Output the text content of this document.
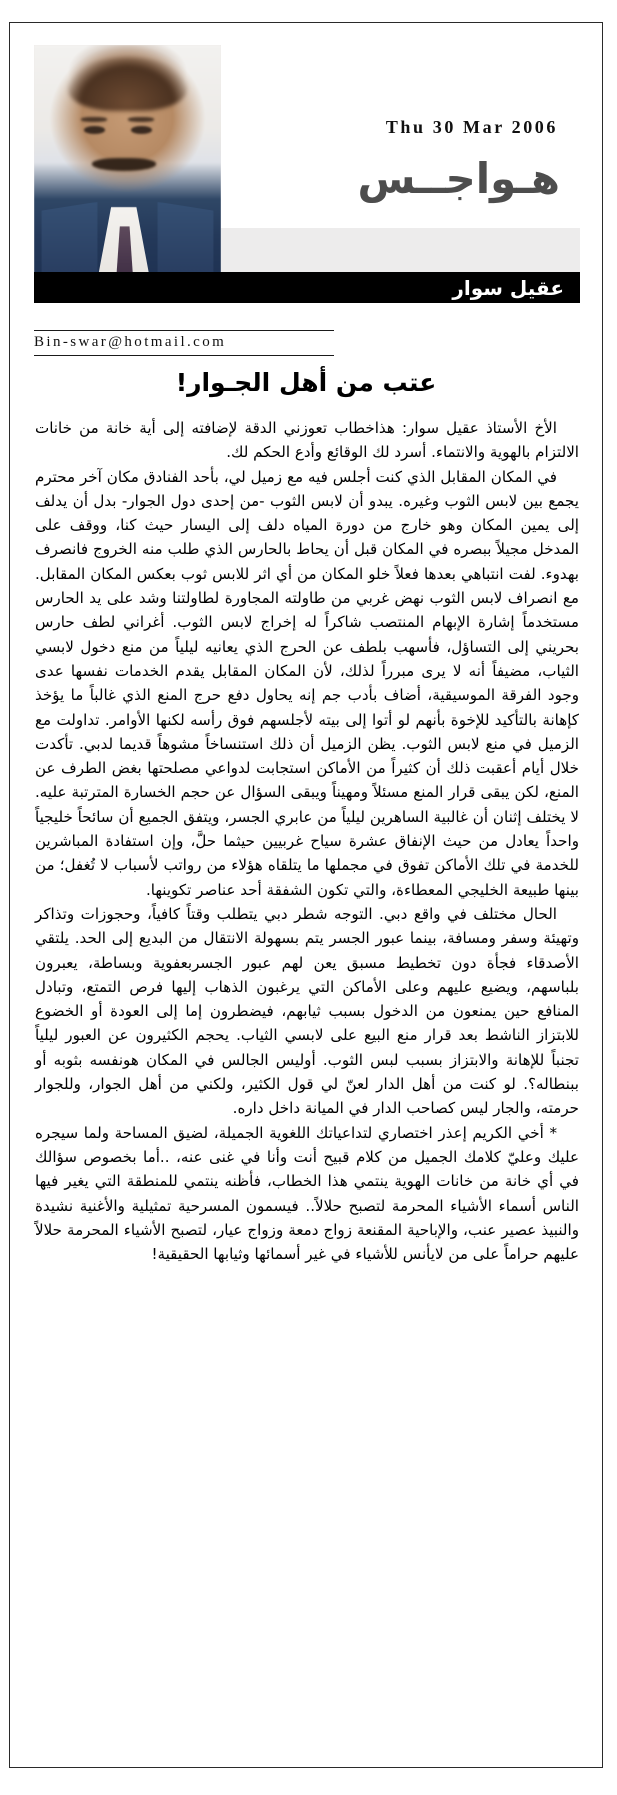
Thu 30 Mar 2006
هـواجــس
عقيل سوار
Bin-swar@hotmail.com
عتب من أهل الجـوار!

الأخ الأستاذ عقيل سوار: هذاخطاب تعوزني الدقة لإضافته إلى أية خانة من خانات الالتزام بالهوية والانتماء. أسرد لك الوقائع وأدع الحكم لك.

في المكان المقابل الذي كنت أجلس فيه مع زميل لي، بأحد الفنادق مكان آخر محترم يجمع بين لابس الثوب وغيره. يبدو أن لابس الثوب -من إحدى دول الجوار- بدل أن يدلف إلى يمين المكان وهو خارج من دورة المياه دلف إلى اليسار حيث كنا، ووقف على المدخل مجيلاً ببصره في المكان قبل أن يحاط بالحارس الذي طلب منه الخروج فانصرف بهدوء. لفت انتباهي بعدها فعلاً خلو المكان من أي اثر للابس ثوب بعكس المكان المقابل. مع انصراف لابس الثوب نهض غربي من طاولته المجاورة لطاولتنا وشد على يد الحارس مستخدماً إشارة الإبهام المنتصب شاكراً له إخراج لابس الثوب. أغراني لطف حارس بحريني إلى التساؤل، فأسهب بلطف عن الحرج الذي يعانيه ليلياً من منع دخول لابسي الثياب، مضيفاً أنه لا يرى مبرراً لذلك، لأن المكان المقابل يقدم الخدمات نفسها عدى وجود الفرقة الموسيقية، أضاف بأدب جم إنه يحاول دفع حرج المنع الذي غالباً ما يؤخذ كإهانة بالتأكيد للإخوة بأنهم لو أتوا إلى بيته لأجلسهم فوق رأسه لكنها الأوامر. تداولت مع الزميل في منع لابس الثوب. يظن الزميل أن ذلك استنساخاً مشوهاً قديما لدبي. تأكدت خلال أيام أعقبت ذلك أن كثيراً من الأماكن استجابت لدواعي مصلحتها بغض الطرف عن المنع، لكن يبقى قرار المنع مسئلاً ومهيناً ويبقى السؤال عن حجم الخسارة المترتبة عليه. لا يختلف إثنان أن غالبية الساهرين ليلياً من عابري الجسر، ويتفق الجميع أن سائحاً خليجياً واحداً يعادل من حيث الإنفاق عشرة سياح غربيين حيثما حلَّ، وإن استفادة المباشرين للخدمة في تلك الأماكن تفوق في مجملها ما يتلقاه هؤلاء من رواتب لأسباب لا تُغفل؛ من بينها طبيعة الخليجي المعطاءة، والتي تكون الشفقة أحد عناصر تكوينها.

الحال مختلف في واقع دبي. التوجه شطر دبي يتطلب وقتاً كافياً، وحجوزات وتذاكر وتهيئة وسفر ومسافة، بينما عبور الجسر يتم بسهولة الانتقال من البديع إلى الحد. يلتقي الأصدقاء فجأة دون تخطيط مسبق يعن لهم عبور الجسربعفوية وبساطة، يعبرون بلباسهم، ويضيع عليهم وعلى الأماكن التي يرغبون الذهاب إليها فرص التمتع، وتبادل المنافع حين يمنعون من الدخول بسبب ثيابهم، فيضطرون إما إلى العودة أو الخضوع للابتزاز الناشط بعد قرار منع البيع على لابسي الثياب. يحجم الكثيرون عن العبور ليلياً تجنباً للإهانة والابتزاز بسبب لبس الثوب. أوليس الجالس في المكان هونفسه بثوبه أو ببنطاله؟. لو كنت من أهل الدار لعنّ لي قول الكثير، ولكني من أهل الجوار، وللجوار حرمته، والجار ليس كصاحب الدار في الميانة داخل داره.

* أخي الكريم إعذر اختصاري لتداعياتك اللغوية الجميلة، لضيق المساحة ولما سيجره عليك وعليّ كلامك الجميل من كلام قبيح أنت وأنا في غنى عنه، ..أما بخصوص سؤالك في أي خانة من خانات الهوية ينتمي هذا الخطاب، فأظنه ينتمي للمنطقة التي يغير فيها الناس أسماء الأشياء المحرمة لتصبح حلالاً.. فيسمون المسرحية تمثيلية والأغنية نشيدة والنبيذ عصير عنب، والإباحية المقنعة زواج دمعة وزواج عيار، لتصبح الأشياء المحرمة حلالاً عليهم حراماً على من لايأنس للأشياء في غير أسمائها وثيابها الحقيقية!
